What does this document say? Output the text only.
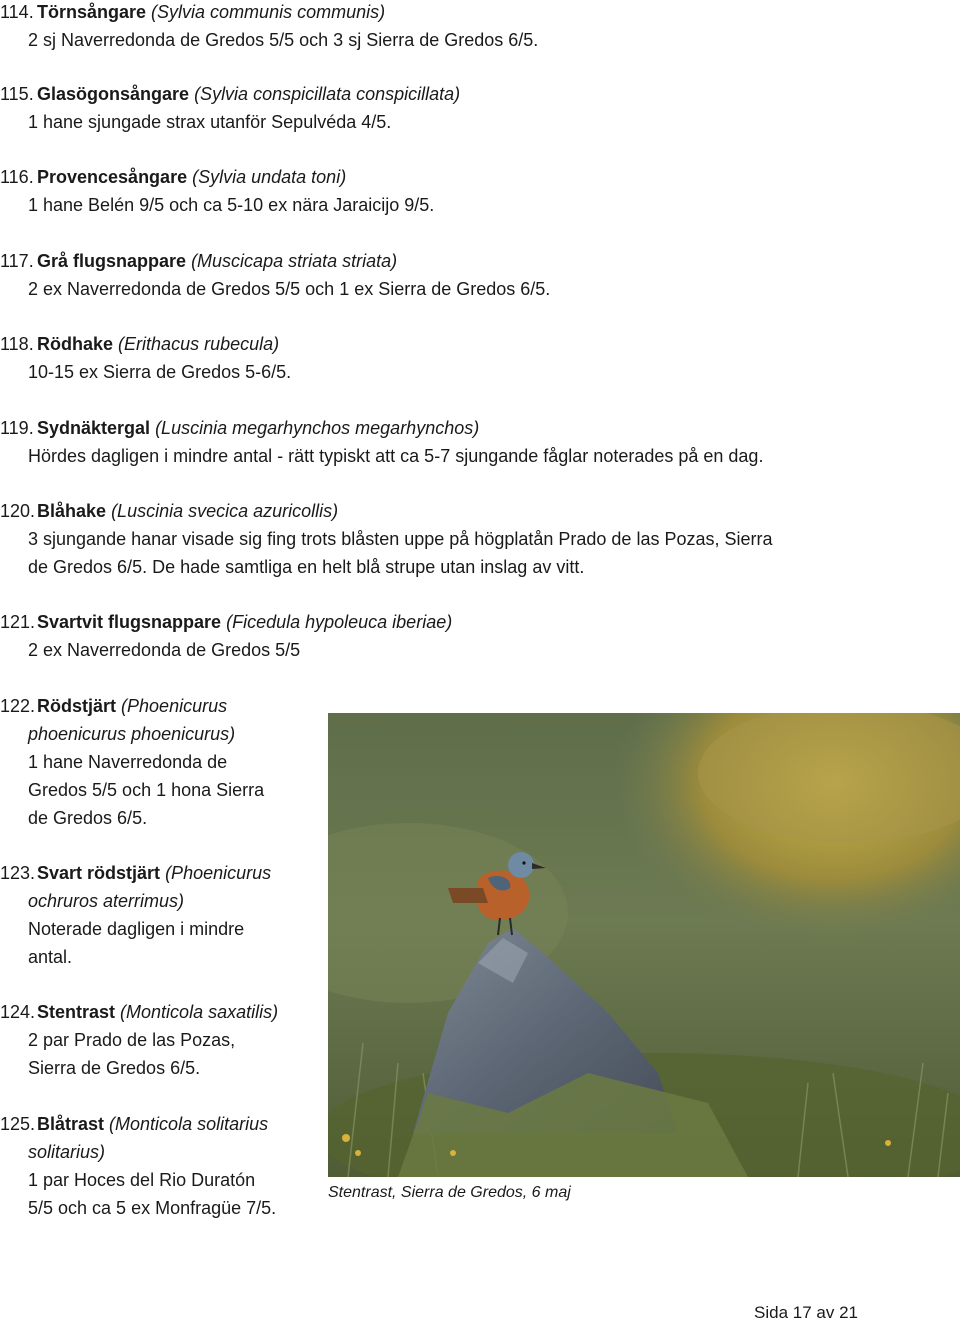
114. Törnsångare (Sylvia communis communis)
2 sj Naverredonda de Gredos 5/5 och 3 sj Sierra de Gredos 6/5.
115. Glasögonsångare (Sylvia conspicillata conspicillata)
1 hane sjungade strax utanför Sepulvéda 4/5.
116. Provencesångare (Sylvia undata toni)
1 hane Belén 9/5 och ca 5-10 ex nära Jaraicijo 9/5.
117. Grå flugsnappare (Muscicapa striata striata)
2 ex Naverredonda de Gredos 5/5 och 1 ex Sierra de Gredos 6/5.
118. Rödhake (Erithacus rubecula)
10-15 ex Sierra de Gredos 5-6/5.
119. Sydnäktergal (Luscinia megarhynchos megarhynchos)
Hördes dagligen i mindre antal - rätt typiskt att ca 5-7 sjungande fåglar noterades på en dag.
120. Blåhake (Luscinia svecica azuricollis)
3 sjungande hanar visade sig fing trots blåsten uppe på högplatån Prado de las Pozas, Sierra
de Gredos 6/5. De hade samtliga en helt blå strupe utan inslag av vitt.
121. Svartvit flugsnappare (Ficedula hypoleuca iberiae)
2 ex Naverredonda de Gredos 5/5
122. Rödstjärt (Phoenicurus
phoenicurus phoenicurus)
1 hane Naverredonda de
Gredos 5/5 och 1 hona Sierra
de Gredos 6/5.
123. Svart rödstjärt (Phoenicurus
ochruros aterrimus)
Noterade dagligen i mindre
antal.
124. Stentrast (Monticola saxatilis)
2 par Prado de las Pozas,
Sierra de Gredos 6/5.
125. Blåtrast (Monticola solitarius
solitarius)
1 par Hoces del Rio Duratón
5/5 och ca 5 ex Monfragüe 7/5.
Stentrast, Sierra de Gredos, 6 maj
Sida 17 av 21
